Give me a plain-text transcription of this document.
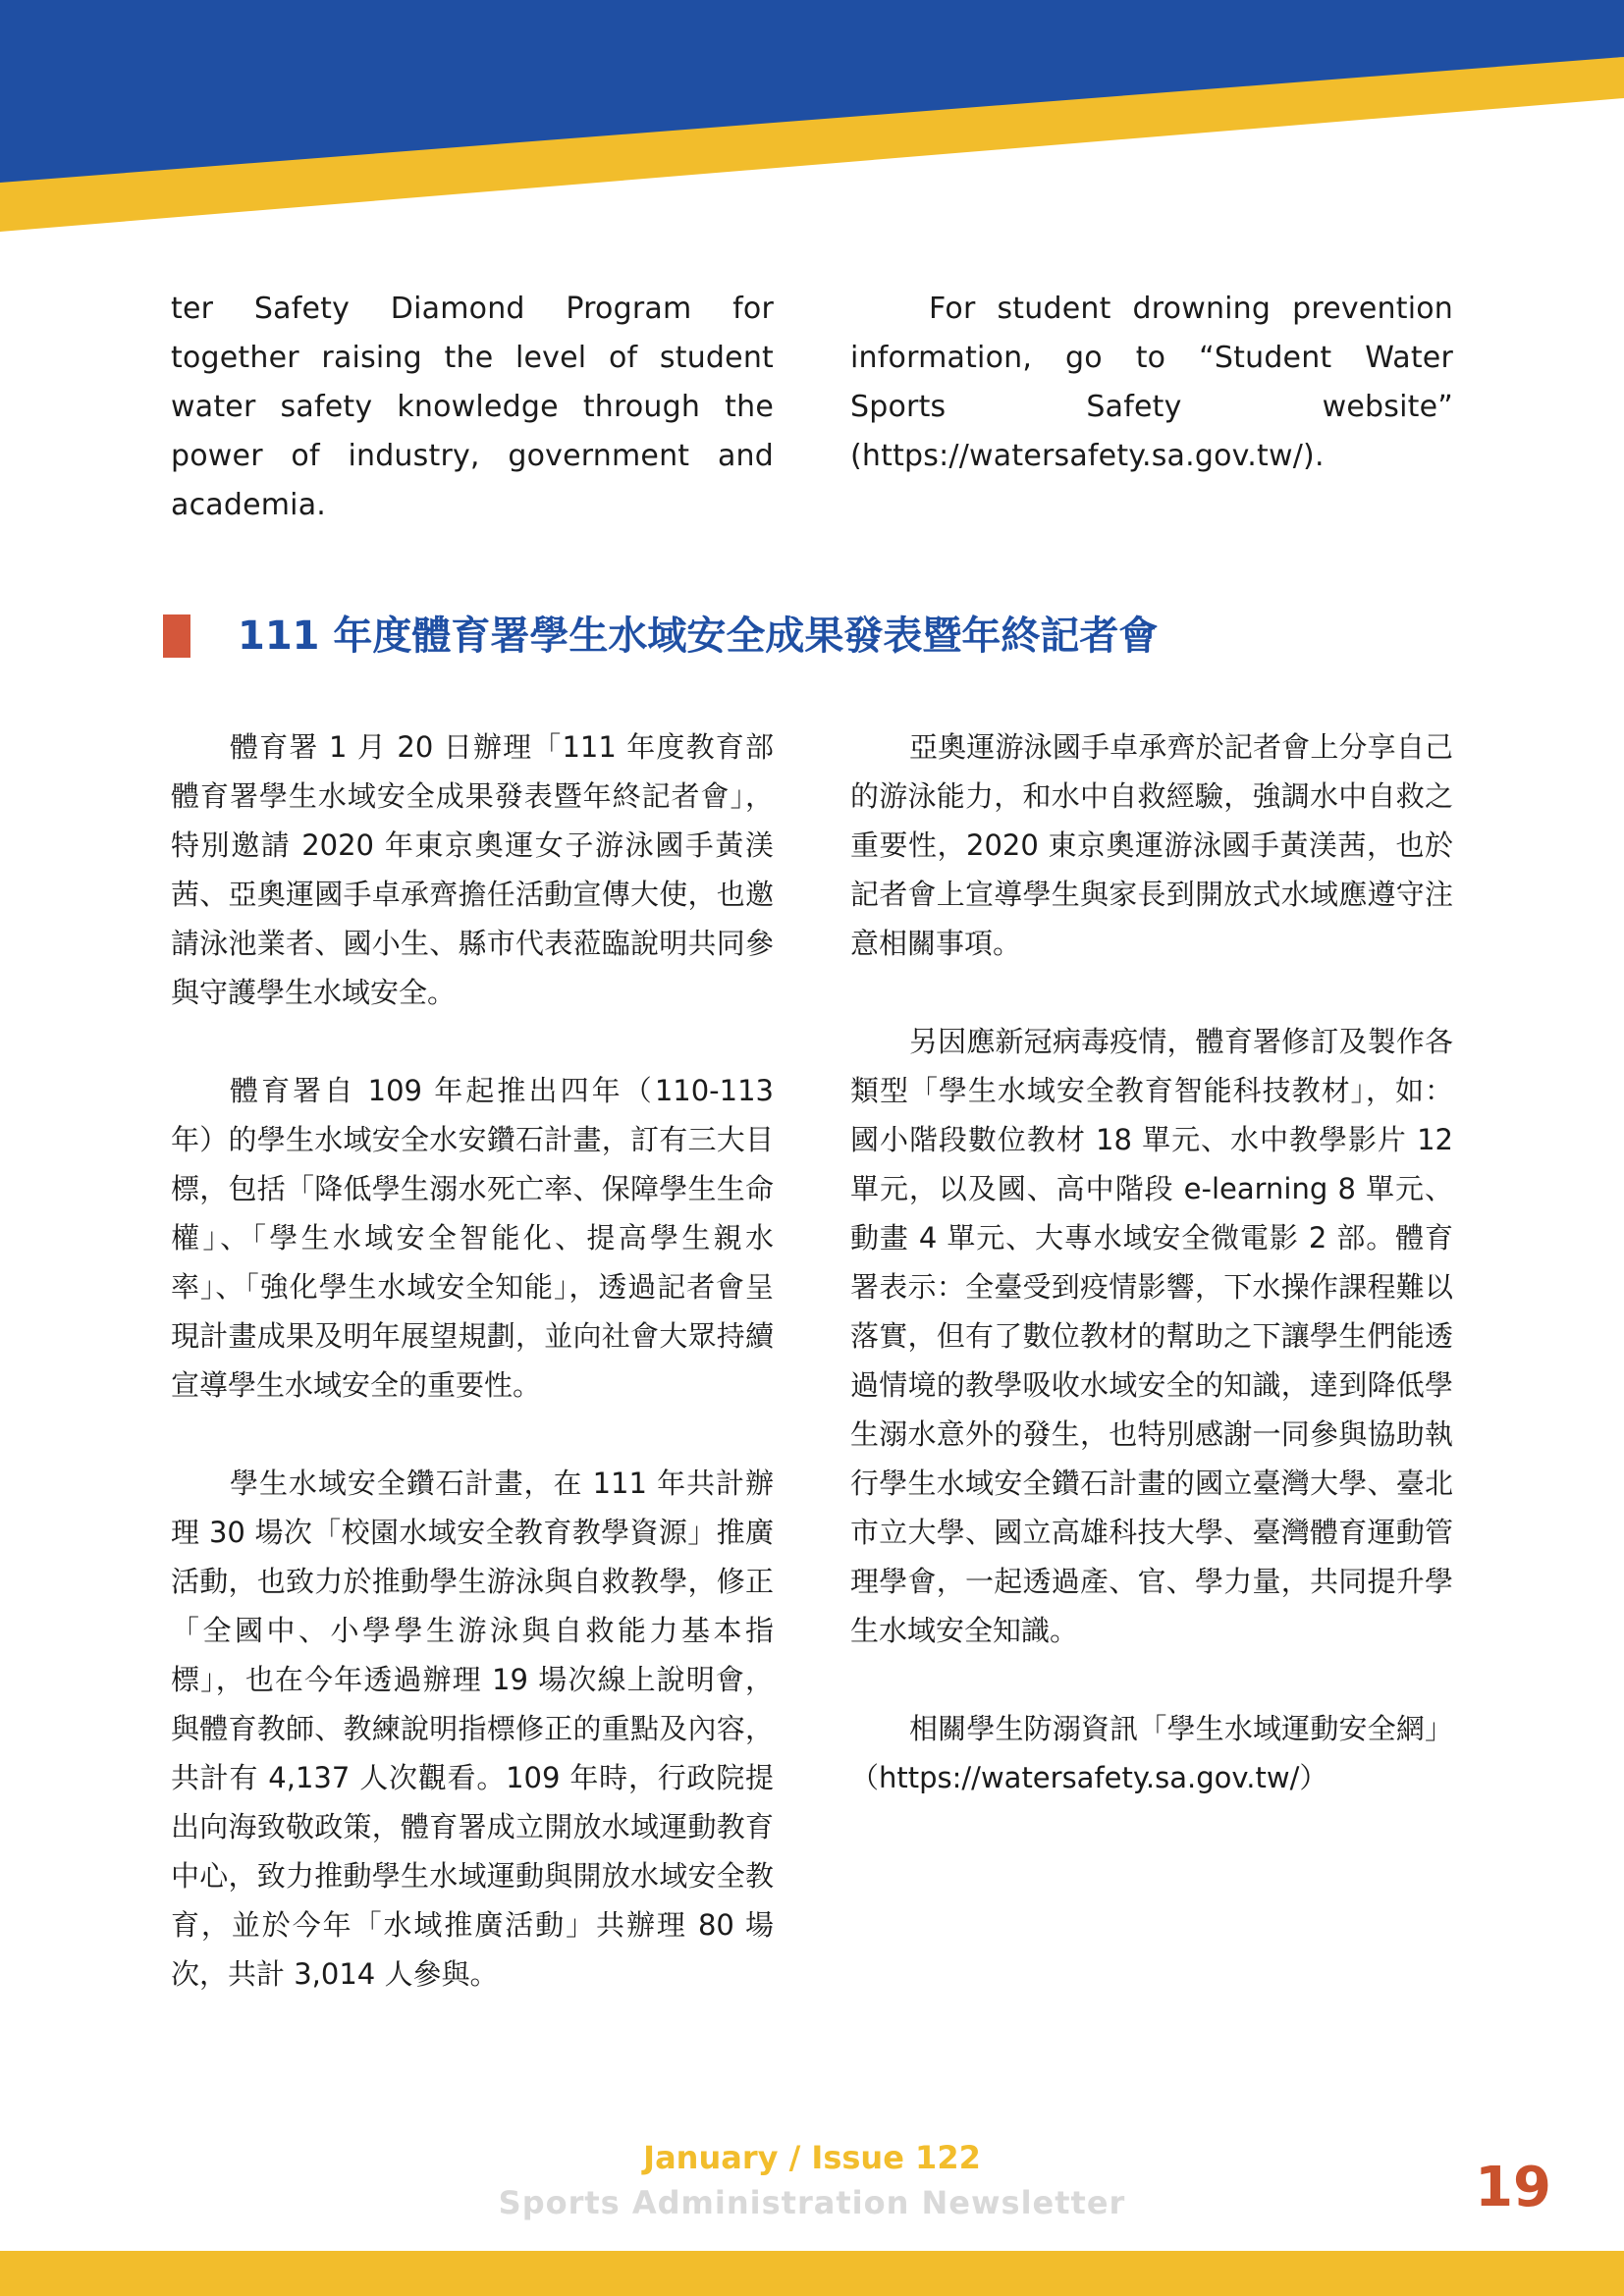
ter Safety Diamond Program for together raising the level of student water safety knowledge through the power of industry, government and academia.

For student drowning prevention information, go to “Student Water Sports Safety website” (https://watersafety.sa.gov.tw/).

111 年度體育署學生水域安全成果發表暨年終記者會

體育署 1 月 20 日辦理「111 年度教育部體育署學生水域安全成果發表暨年終記者會」，特別邀請 2020 年東京奧運女子游泳國手黃渼茜、亞奧運國手卓承齊擔任活動宣傳大使，也邀請泳池業者、國小生、縣市代表蒞臨說明共同參與守護學生水域安全。

體育署自 109 年起推出四年（110-113 年）的學生水域安全水安鑽石計畫，訂有三大目標，包括「降低學生溺水死亡率、保障學生生命權」、「學生水域安全智能化、提高學生親水率」、「強化學生水域安全知能」，透過記者會呈現計畫成果及明年展望規劃，並向社會大眾持續宣導學生水域安全的重要性。

學生水域安全鑽石計畫，在 111 年共計辦理 30 場次「校園水域安全教育教學資源」推廣活動，也致力於推動學生游泳與自救教學，修正「全國中、小學學生游泳與自救能力基本指標」，也在今年透過辦理 19 場次線上說明會，與體育教師、教練說明指標修正的重點及內容，共計有 4,137 人次觀看。109 年時，行政院提出向海致敬政策，體育署成立開放水域運動教育中心，致力推動學生水域運動與開放水域安全教育，並於今年「水域推廣活動」共辦理 80 場次，共計 3,014 人參與。

亞奧運游泳國手卓承齊於記者會上分享自己的游泳能力，和水中自救經驗，強調水中自救之重要性，2020 東京奧運游泳國手黃渼茜，也於記者會上宣導學生與家長到開放式水域應遵守注意相關事項。

另因應新冠病毒疫情，體育署修訂及製作各類型「學生水域安全教育智能科技教材」，如：國小階段數位教材 18 單元、水中教學影片 12 單元，以及國、高中階段 e-learning 8 單元、動畫 4 單元、大專水域安全微電影 2 部。體育署表示：全臺受到疫情影響，下水操作課程難以落實，但有了數位教材的幫助之下讓學生們能透過情境的教學吸收水域安全的知識，達到降低學生溺水意外的發生，也特別感謝一同參與協助執行學生水域安全鑽石計畫的國立臺灣大學、臺北市立大學、國立高雄科技大學、臺灣體育運動管理學會，一起透過產、官、學力量，共同提升學生水域安全知識。

相關學生防溺資訊「學生水域運動安全網」（https://watersafety.sa.gov.tw/）

January / Issue 122

Sports Administration Newsletter	19
